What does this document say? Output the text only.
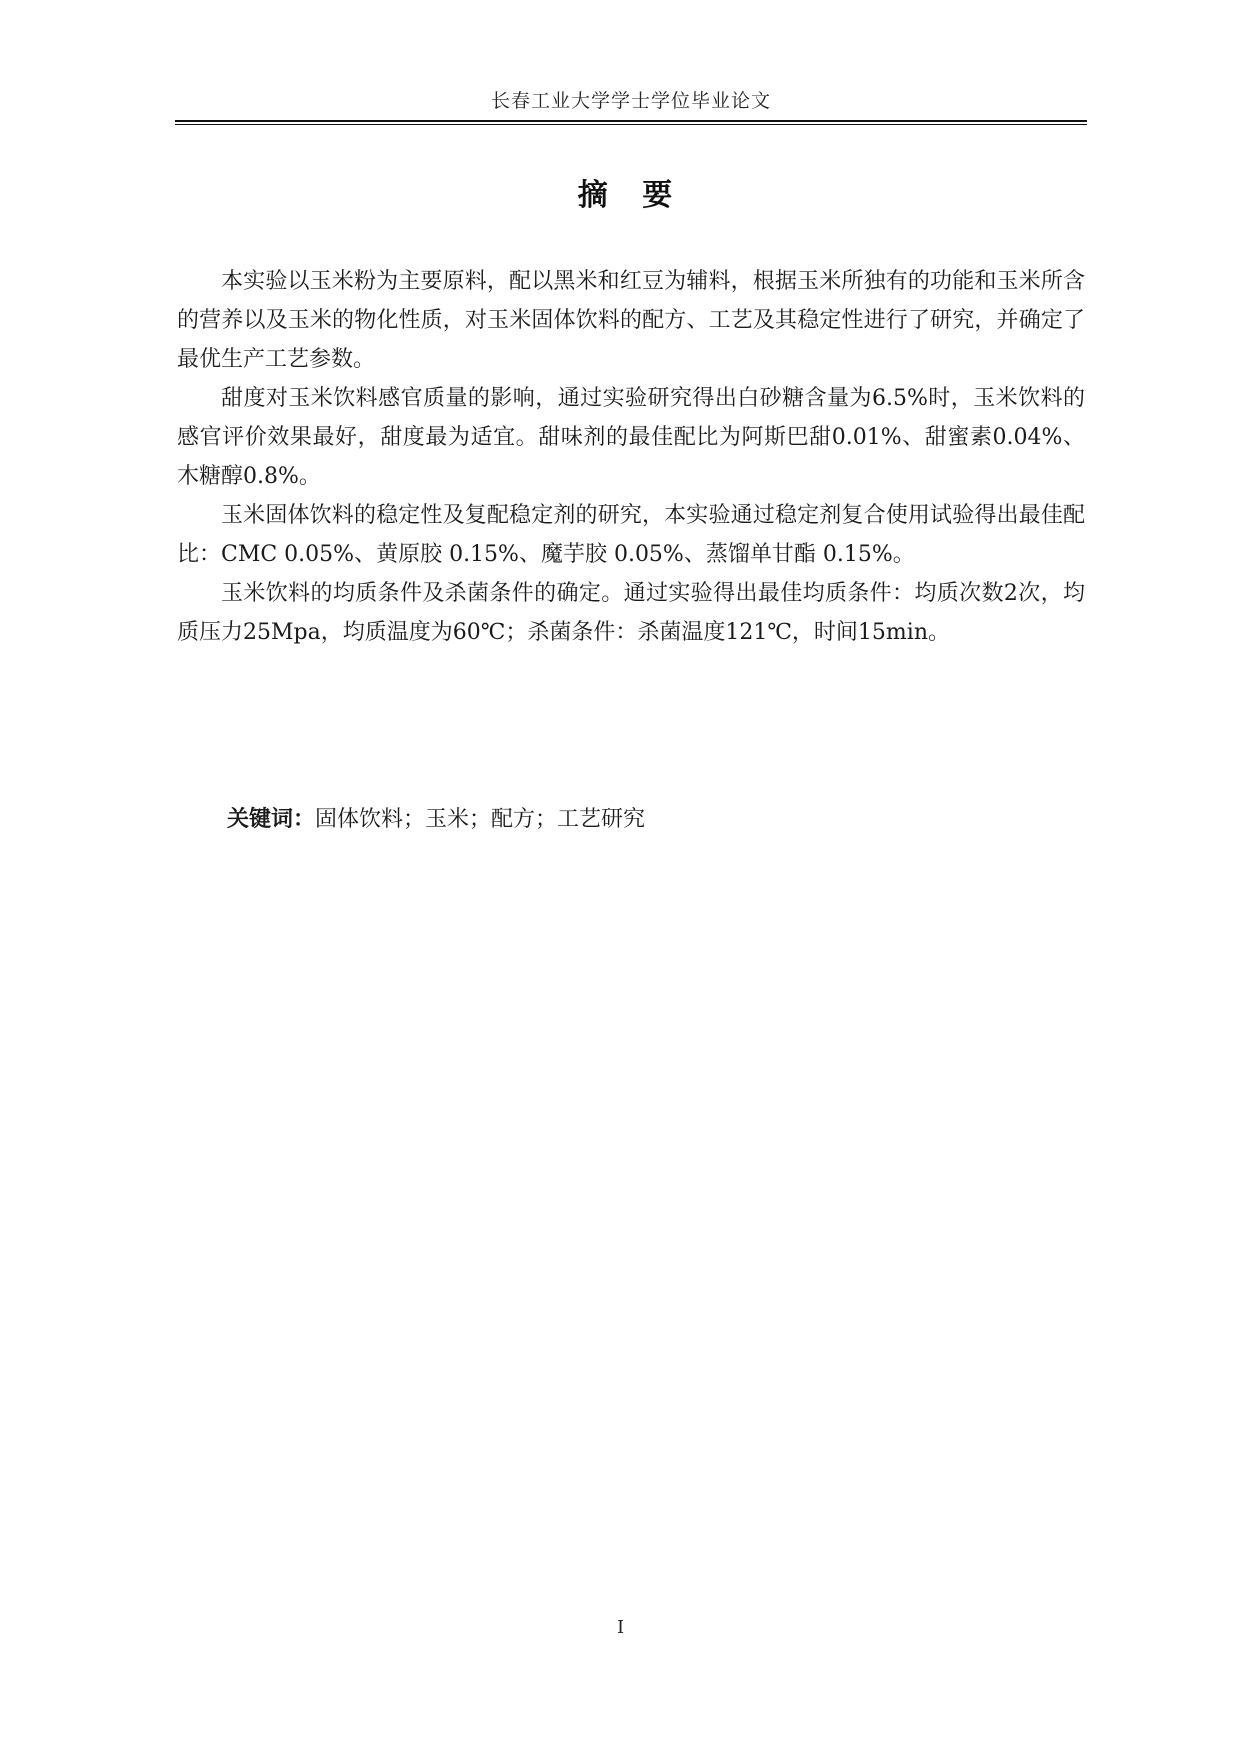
长春工业大学学士学位毕业论文
摘 要

本实验以玉米粉为主要原料，配以黑米和红豆为辅料，根据玉米所独有的功能和玉米所含的营养以及玉米的物化性质，对玉米固体饮料的配方、工艺及其稳定性进行了研究，并确定了最优生产工艺参数。

甜度对玉米饮料感官质量的影响，通过实验研究得出白砂糖含量为6.5%时，玉米饮料的感官评价效果最好，甜度最为适宜。甜味剂的最佳配比为阿斯巴甜0.01%、甜蜜素0.04%、木糖醇0.8%。

玉米固体饮料的稳定性及复配稳定剂的研究，本实验通过稳定剂复合使用试验得出最佳配比：CMC 0.05%、黄原胶 0.15%、魔芋胶 0.05%、蒸馏单甘酯 0.15%。

玉米饮料的均质条件及杀菌条件的确定。通过实验得出最佳均质条件：均质次数2次，均质压力25Mpa，均质温度为60℃；杀菌条件：杀菌温度121℃，时间15min。

关键词：固体饮料；玉米；配方；工艺研究
I
